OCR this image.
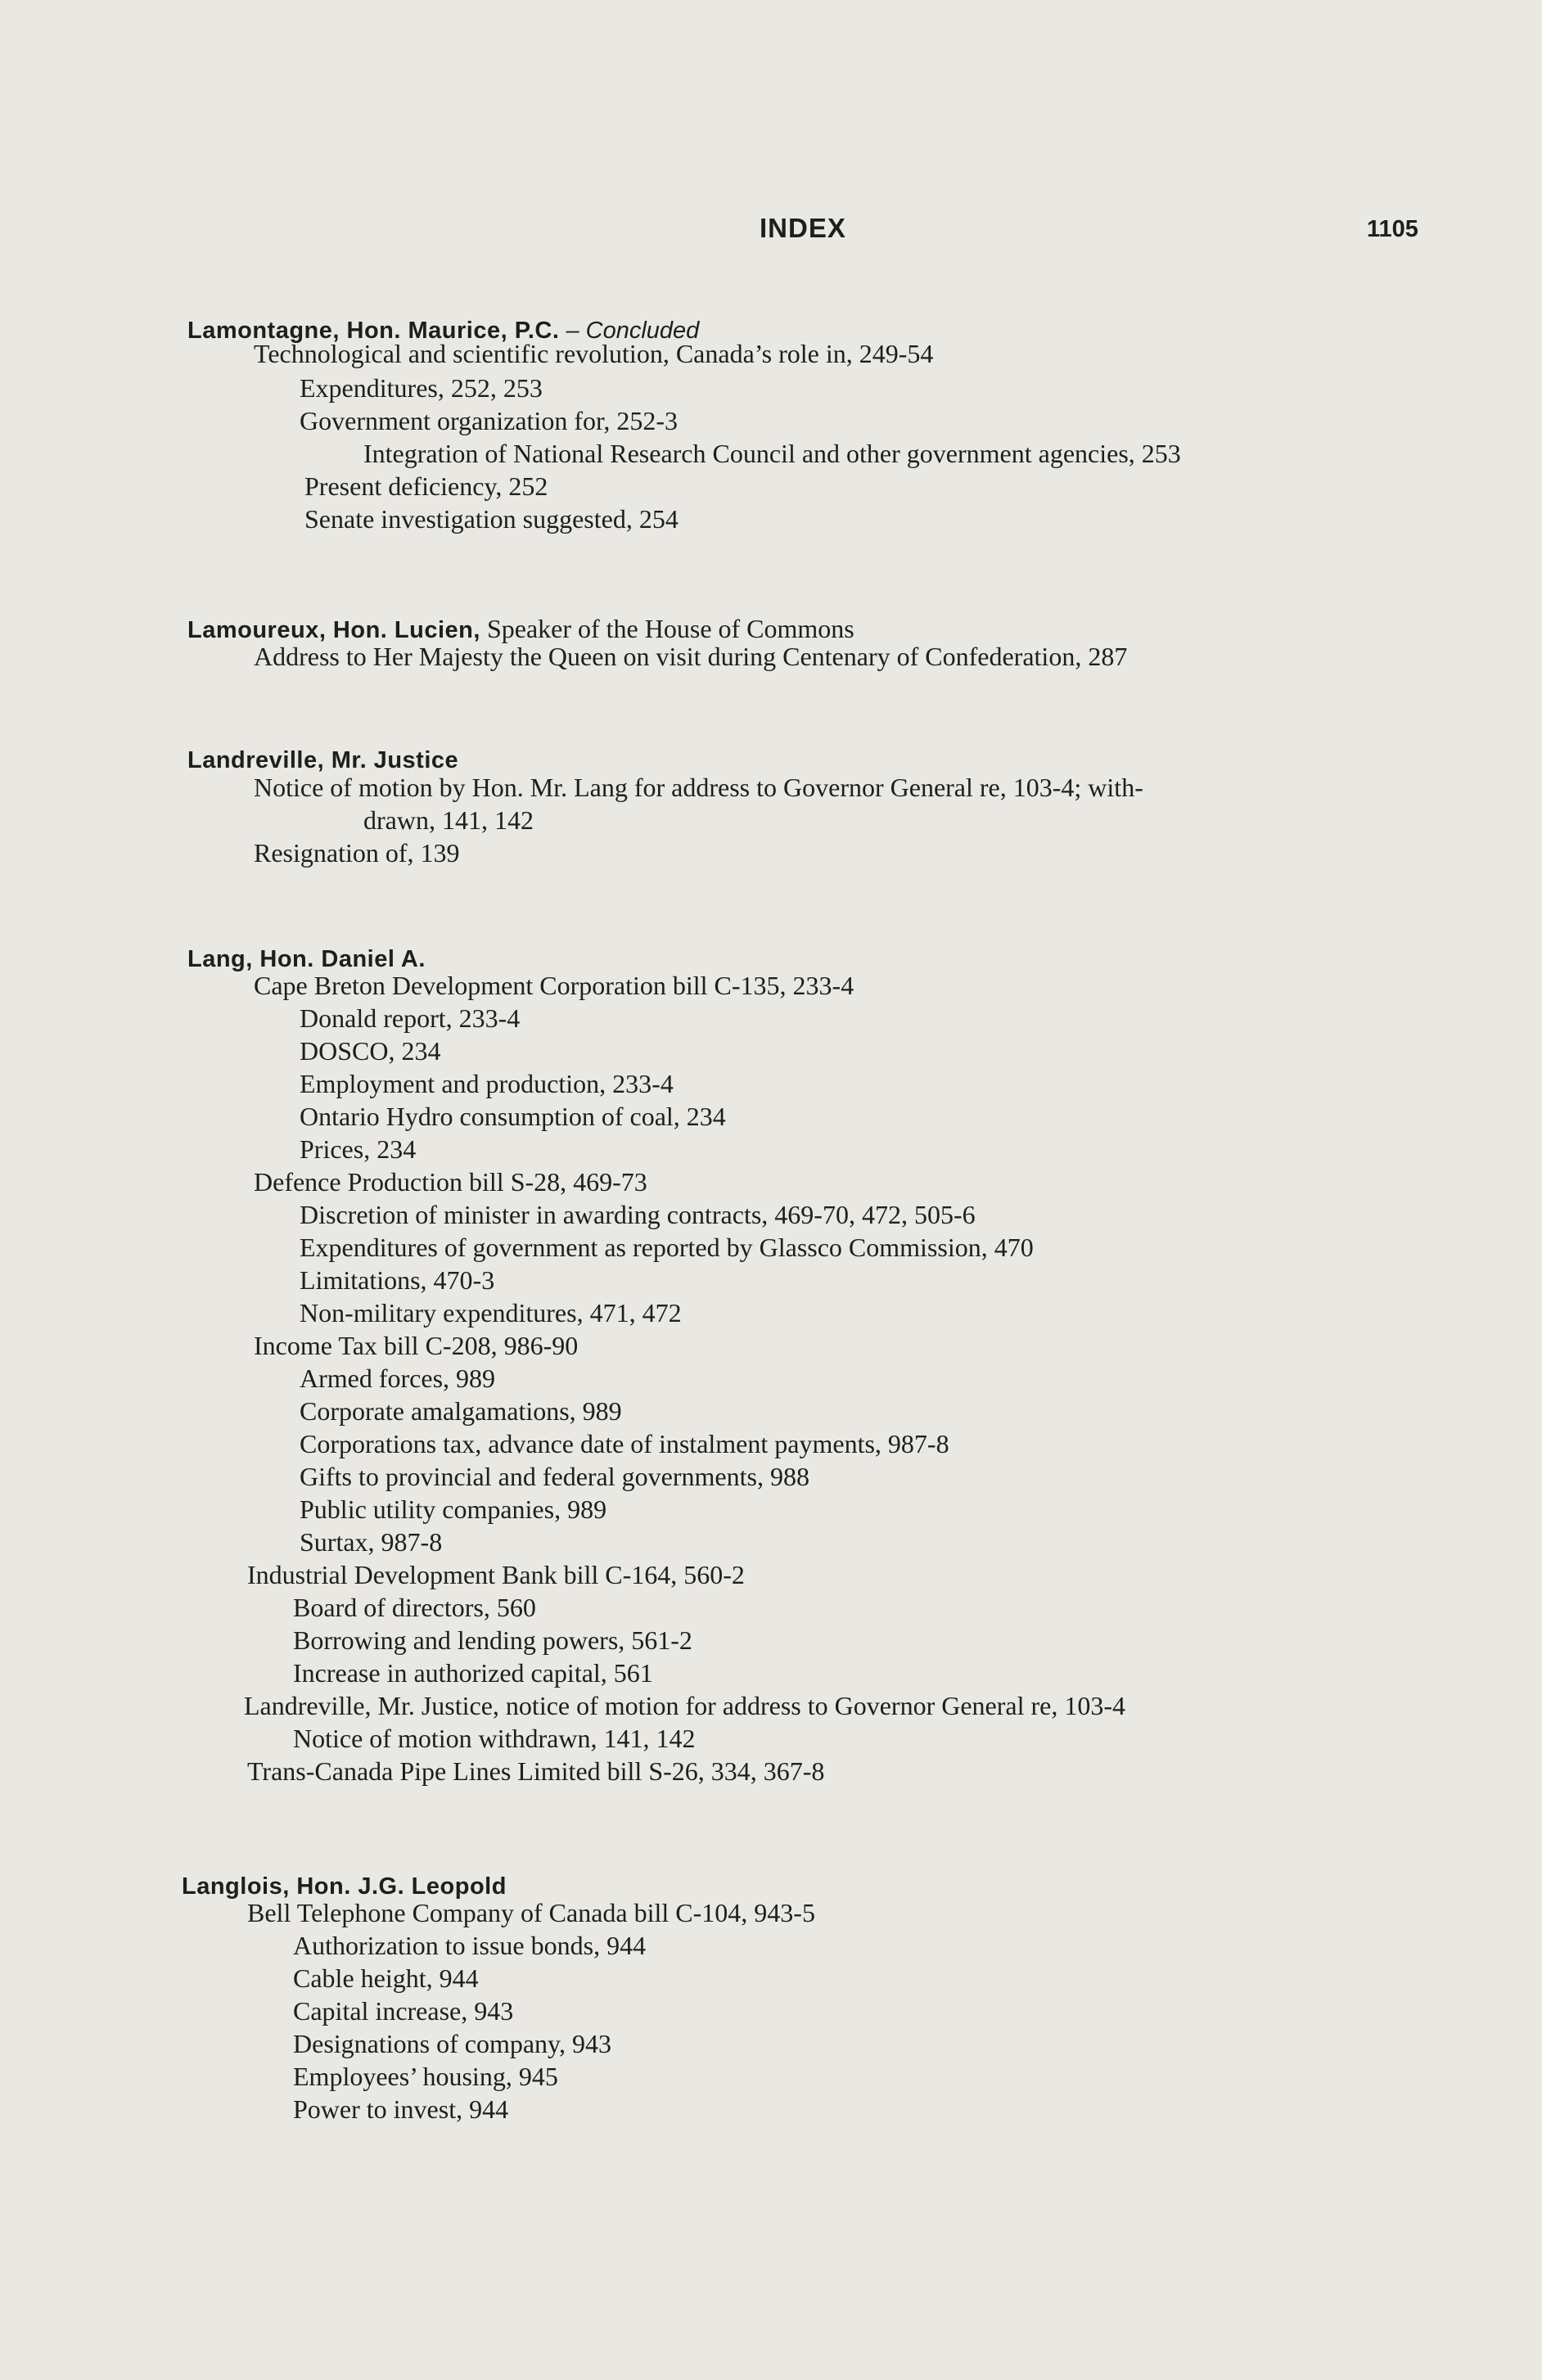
INDEX	1105
Lamontagne, Hon. Maurice, P.C. – Concluded
Technological and scientific revolution, Canada’s role in, 249-54
Expenditures, 252, 253
Government organization for, 252-3
Integration of National Research Council and other government agencies, 253
Present deficiency, 252
Senate investigation suggested, 254
Lamoureux, Hon. Lucien, Speaker of the House of Commons
Address to Her Majesty the Queen on visit during Centenary of Confederation, 287
Landreville, Mr. Justice
Notice of motion by Hon. Mr. Lang for address to Governor General re, 103-4; with-
drawn, 141, 142
Resignation of, 139
Lang, Hon. Daniel A.
Cape Breton Development Corporation bill C-135, 233-4
Donald report, 233-4
DOSCO, 234
Employment and production, 233-4
Ontario Hydro consumption of coal, 234
Prices, 234
Defence Production bill S-28, 469-73
Discretion of minister in awarding contracts, 469-70, 472, 505-6
Expenditures of government as reported by Glassco Commission, 470
Limitations, 470-3
Non-military expenditures, 471, 472
Income Tax bill C-208, 986-90
Armed forces, 989
Corporate amalgamations, 989
Corporations tax, advance date of instalment payments, 987-8
Gifts to provincial and federal governments, 988
Public utility companies, 989
Surtax, 987-8
Industrial Development Bank bill C-164, 560-2
Board of directors, 560
Borrowing and lending powers, 561-2
Increase in authorized capital, 561
Landreville, Mr. Justice, notice of motion for address to Governor General re, 103-4
Notice of motion withdrawn, 141, 142
Trans-Canada Pipe Lines Limited bill S-26, 334, 367-8
Langlois, Hon. J.G. Leopold
Bell Telephone Company of Canada bill C-104, 943-5
Authorization to issue bonds, 944
Cable height, 944
Capital increase, 943
Designations of company, 943
Employees’ housing, 945
Power to invest, 944
